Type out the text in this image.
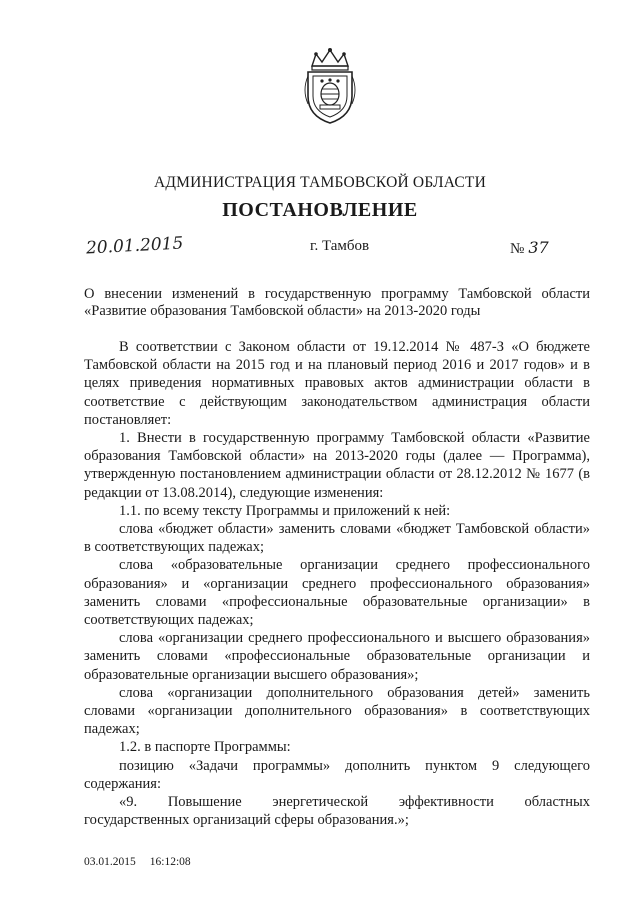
АДМИНИСТРАЦИЯ ТАМБОВСКОЙ ОБЛАСТИ
ПОСТАНОВЛЕНИЕ
20.01.2015	г. Тамбов	№ 37
О внесении изменений в государственную программу Тамбовской области «Развитие образования Тамбовской области» на 2013-2020 годы

В соответствии с Законом области от 19.12.2014 № 487-З «О бюджете Тамбовской области на 2015 год и на плановый период 2016 и 2017 годов» и в целях приведения нормативных правовых актов администрации области в соответствие с действующим законодательством администрация области постановляет:

1. Внести в государственную программу Тамбовской области «Развитие образования Тамбовской области» на 2013-2020 годы (далее — Программа), утвержденную постановлением администрации области от 28.12.2012 № 1677 (в редакции от 13.08.2014), следующие изменения:

1.1. по всему тексту Программы и приложений к ней:

слова «бюджет области» заменить словами «бюджет Тамбовской области» в соответствующих падежах;

слова «образовательные организации среднего профессионального образования» и «организации среднего профессионального образования» заменить словами «профессиональные образовательные организации» в соответствующих падежах;

слова «организации среднего профессионального и высшего образования» заменить словами «профессиональные образовательные организации и образовательные организации высшего образования»;

слова «организации дополнительного образования детей» заменить словами «организации дополнительного образования» в соответствующих падежах;

1.2. в паспорте Программы:

позицию «Задачи программы» дополнить пунктом 9 следующего содержания:

«9. Повышение энергетической эффективности областных государственных организаций сферы образования.»;

03.01.2015 16:12:08
